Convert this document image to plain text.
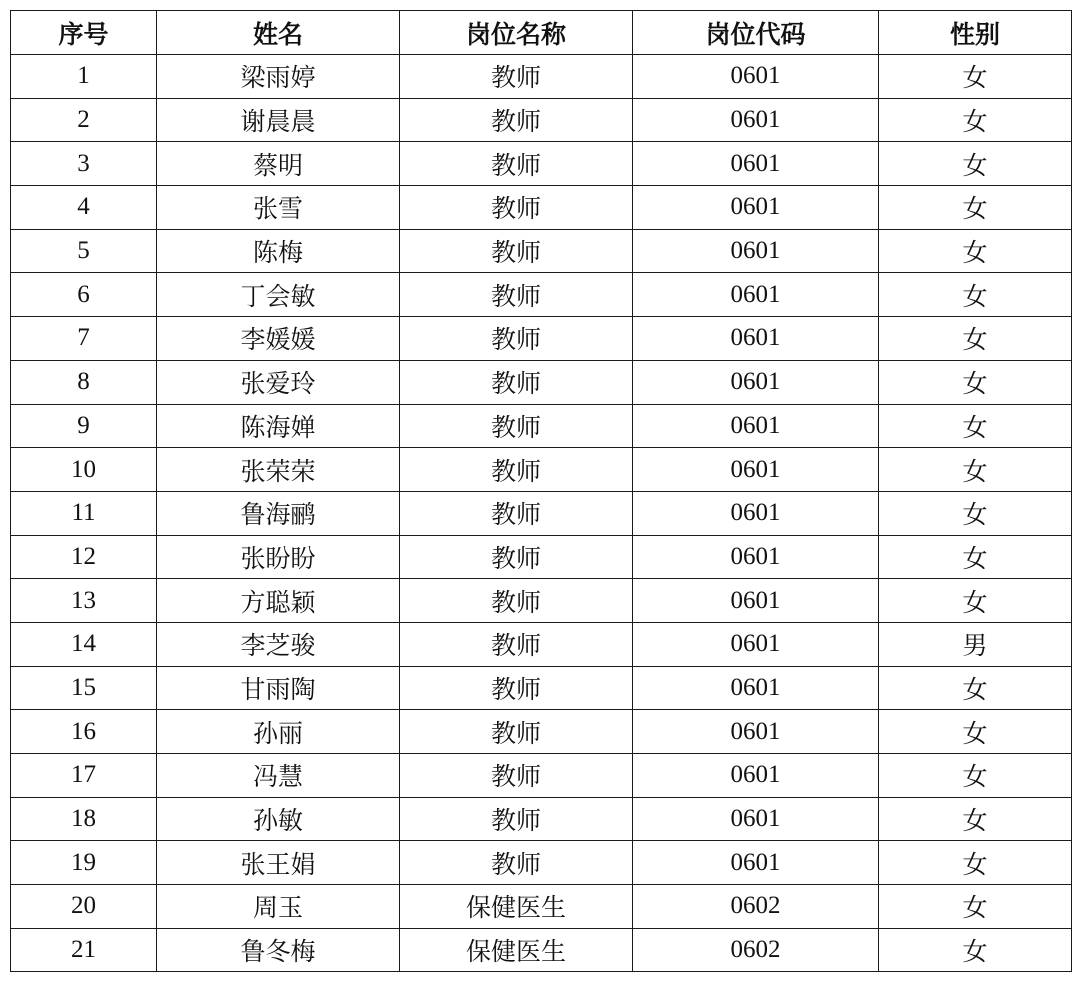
序号	姓名	岗位名称	岗位代码	性别
1	梁雨婷	教师	0601	女
2	谢晨晨	教师	0601	女
3	蔡明	教师	0601	女
4	张雪	教师	0601	女
5	陈梅	教师	0601	女
6	丁会敏	教师	0601	女
7	李媛媛	教师	0601	女
8	张爱玲	教师	0601	女
9	陈海婵	教师	0601	女
10	张荣荣	教师	0601	女
11	鲁海鹂	教师	0601	女
12	张盼盼	教师	0601	女
13	方聪颖	教师	0601	女
14	李芝骏	教师	0601	男
15	甘雨陶	教师	0601	女
16	孙丽	教师	0601	女
17	冯慧	教师	0601	女
18	孙敏	教师	0601	女
19	张王娟	教师	0601	女
20	周玉	保健医生	0602	女
21	鲁冬梅	保健医生	0602	女
